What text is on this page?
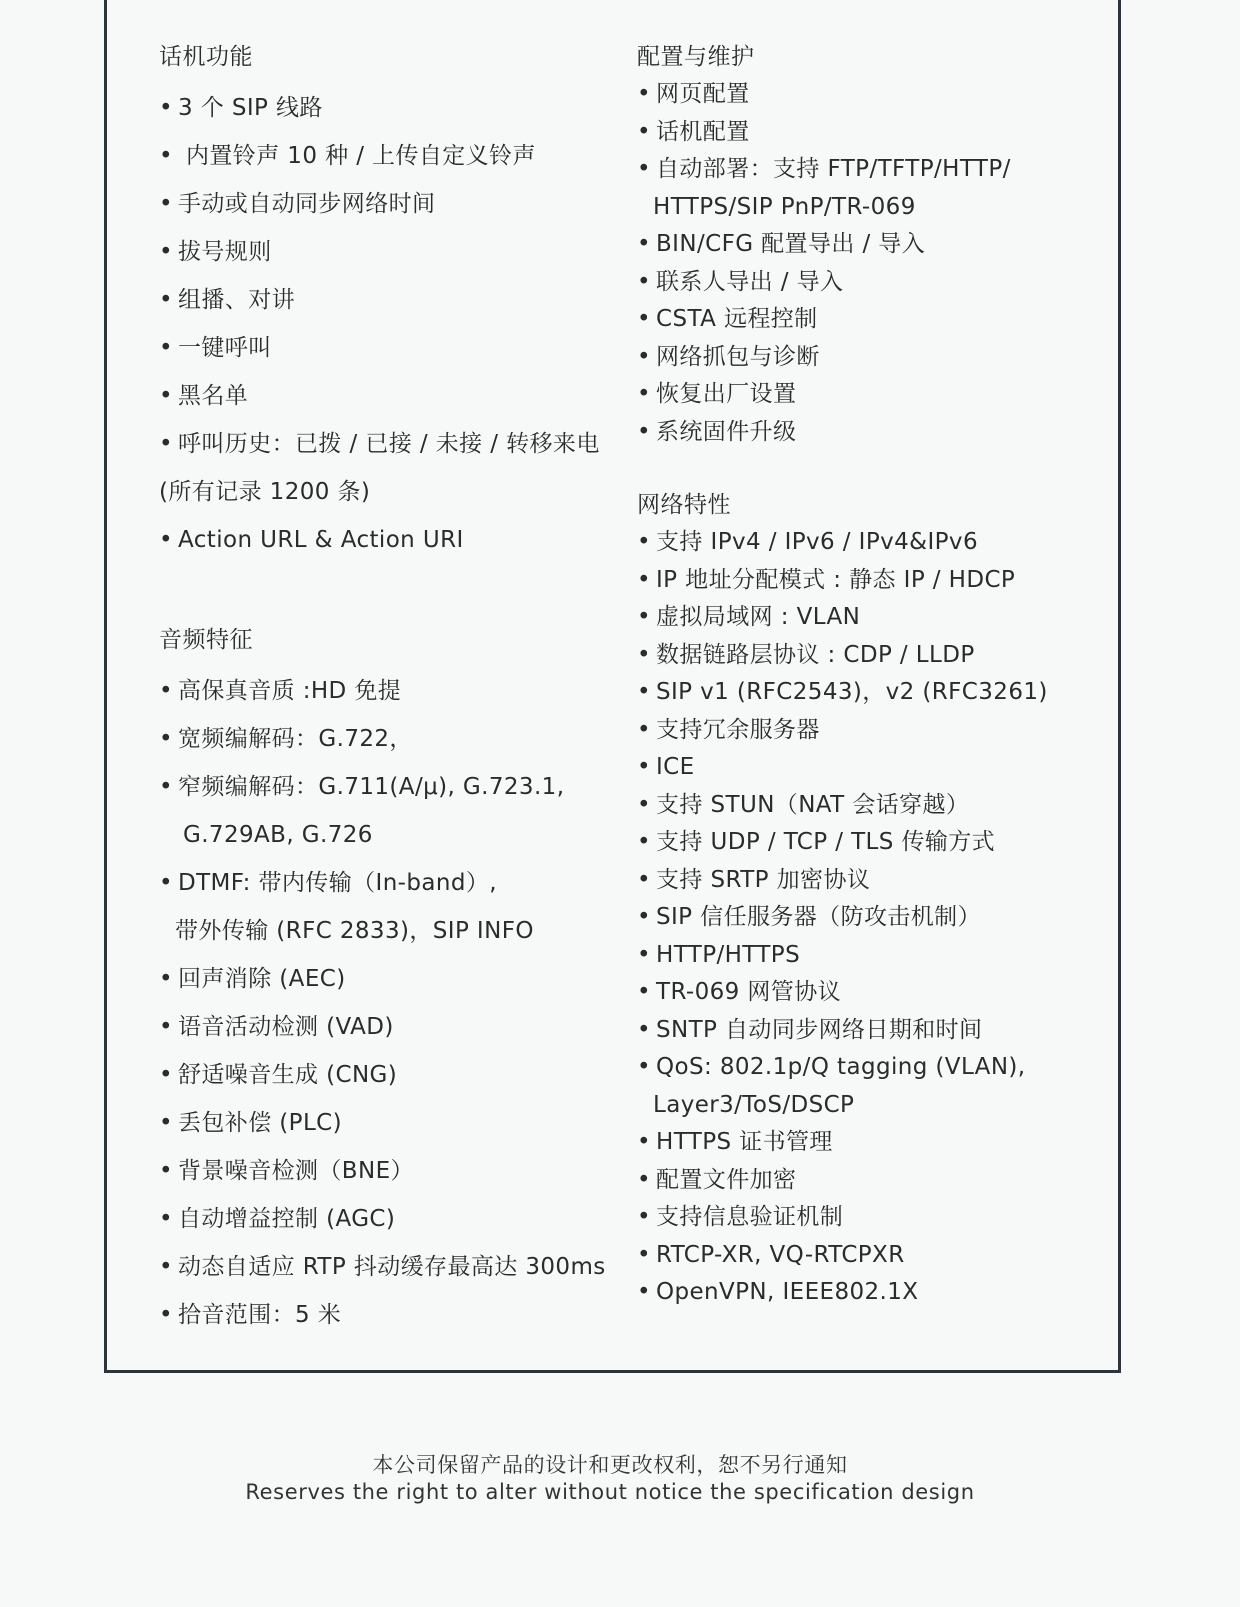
话机功能
• 3 个 SIP 线路
• 内置铃声 10 种 / 上传自定义铃声
• 手动或自动同步网络时间
• 拔号规则
• 组播、对讲
• 一键呼叫
• 黑名单
• 呼叫历史：已拨 / 已接 / 未接 / 转移来电
(所有记录 1200 条)
• Action URL & Action URI
音频特征
• 高保真音质 :HD 免提
• 宽频编解码：G.722，
• 窄频编解码：G.711(A/μ), G.723.1,
G.729AB, G.726
• DTMF: 带内传输（In-band）,
带外传输 (RFC 2833)，SIP INFO
• 回声消除 (AEC)
• 语音活动检测 (VAD)
• 舒适噪音生成 (CNG)
• 丢包补偿 (PLC)
• 背景噪音检测（BNE）
• 自动增益控制 (AGC)
• 动态自适应 RTP 抖动缓存最高达 300ms
• 拾音范围：5 米
配置与维护
• 网页配置
• 话机配置
• 自动部署：支持 FTP/TFTP/HTTP/
HTTPS/SIP PnP/TR-069
• BIN/CFG 配置导出 / 导入
• 联系人导出 / 导入
• CSTA 远程控制
• 网络抓包与诊断
• 恢复出厂设置
• 系统固件升级
网络特性
• 支持 IPv4 / IPv6 / IPv4&IPv6
• IP 地址分配模式 : 静态 IP / HDCP
• 虚拟局域网 : VLAN
• 数据链路层协议 : CDP / LLDP
• SIP v1 (RFC2543)，v2 (RFC3261)
• 支持冗余服务器
• ICE
• 支持 STUN（NAT 会话穿越）
• 支持 UDP / TCP / TLS 传输方式
• 支持 SRTP 加密协议
• SIP 信任服务器（防攻击机制）
• HTTP/HTTPS
• TR-069 网管协议
• SNTP 自动同步网络日期和时间
• QoS: 802.1p/Q tagging (VLAN),
Layer3/ToS/DSCP
• HTTPS 证书管理
• 配置文件加密
• 支持信息验证机制
• RTCP-XR, VQ-RTCPXR
• OpenVPN, IEEE802.1X
本公司保留产品的设计和更改权利，恕不另行通知
Reserves the right to alter without notice the specification design
